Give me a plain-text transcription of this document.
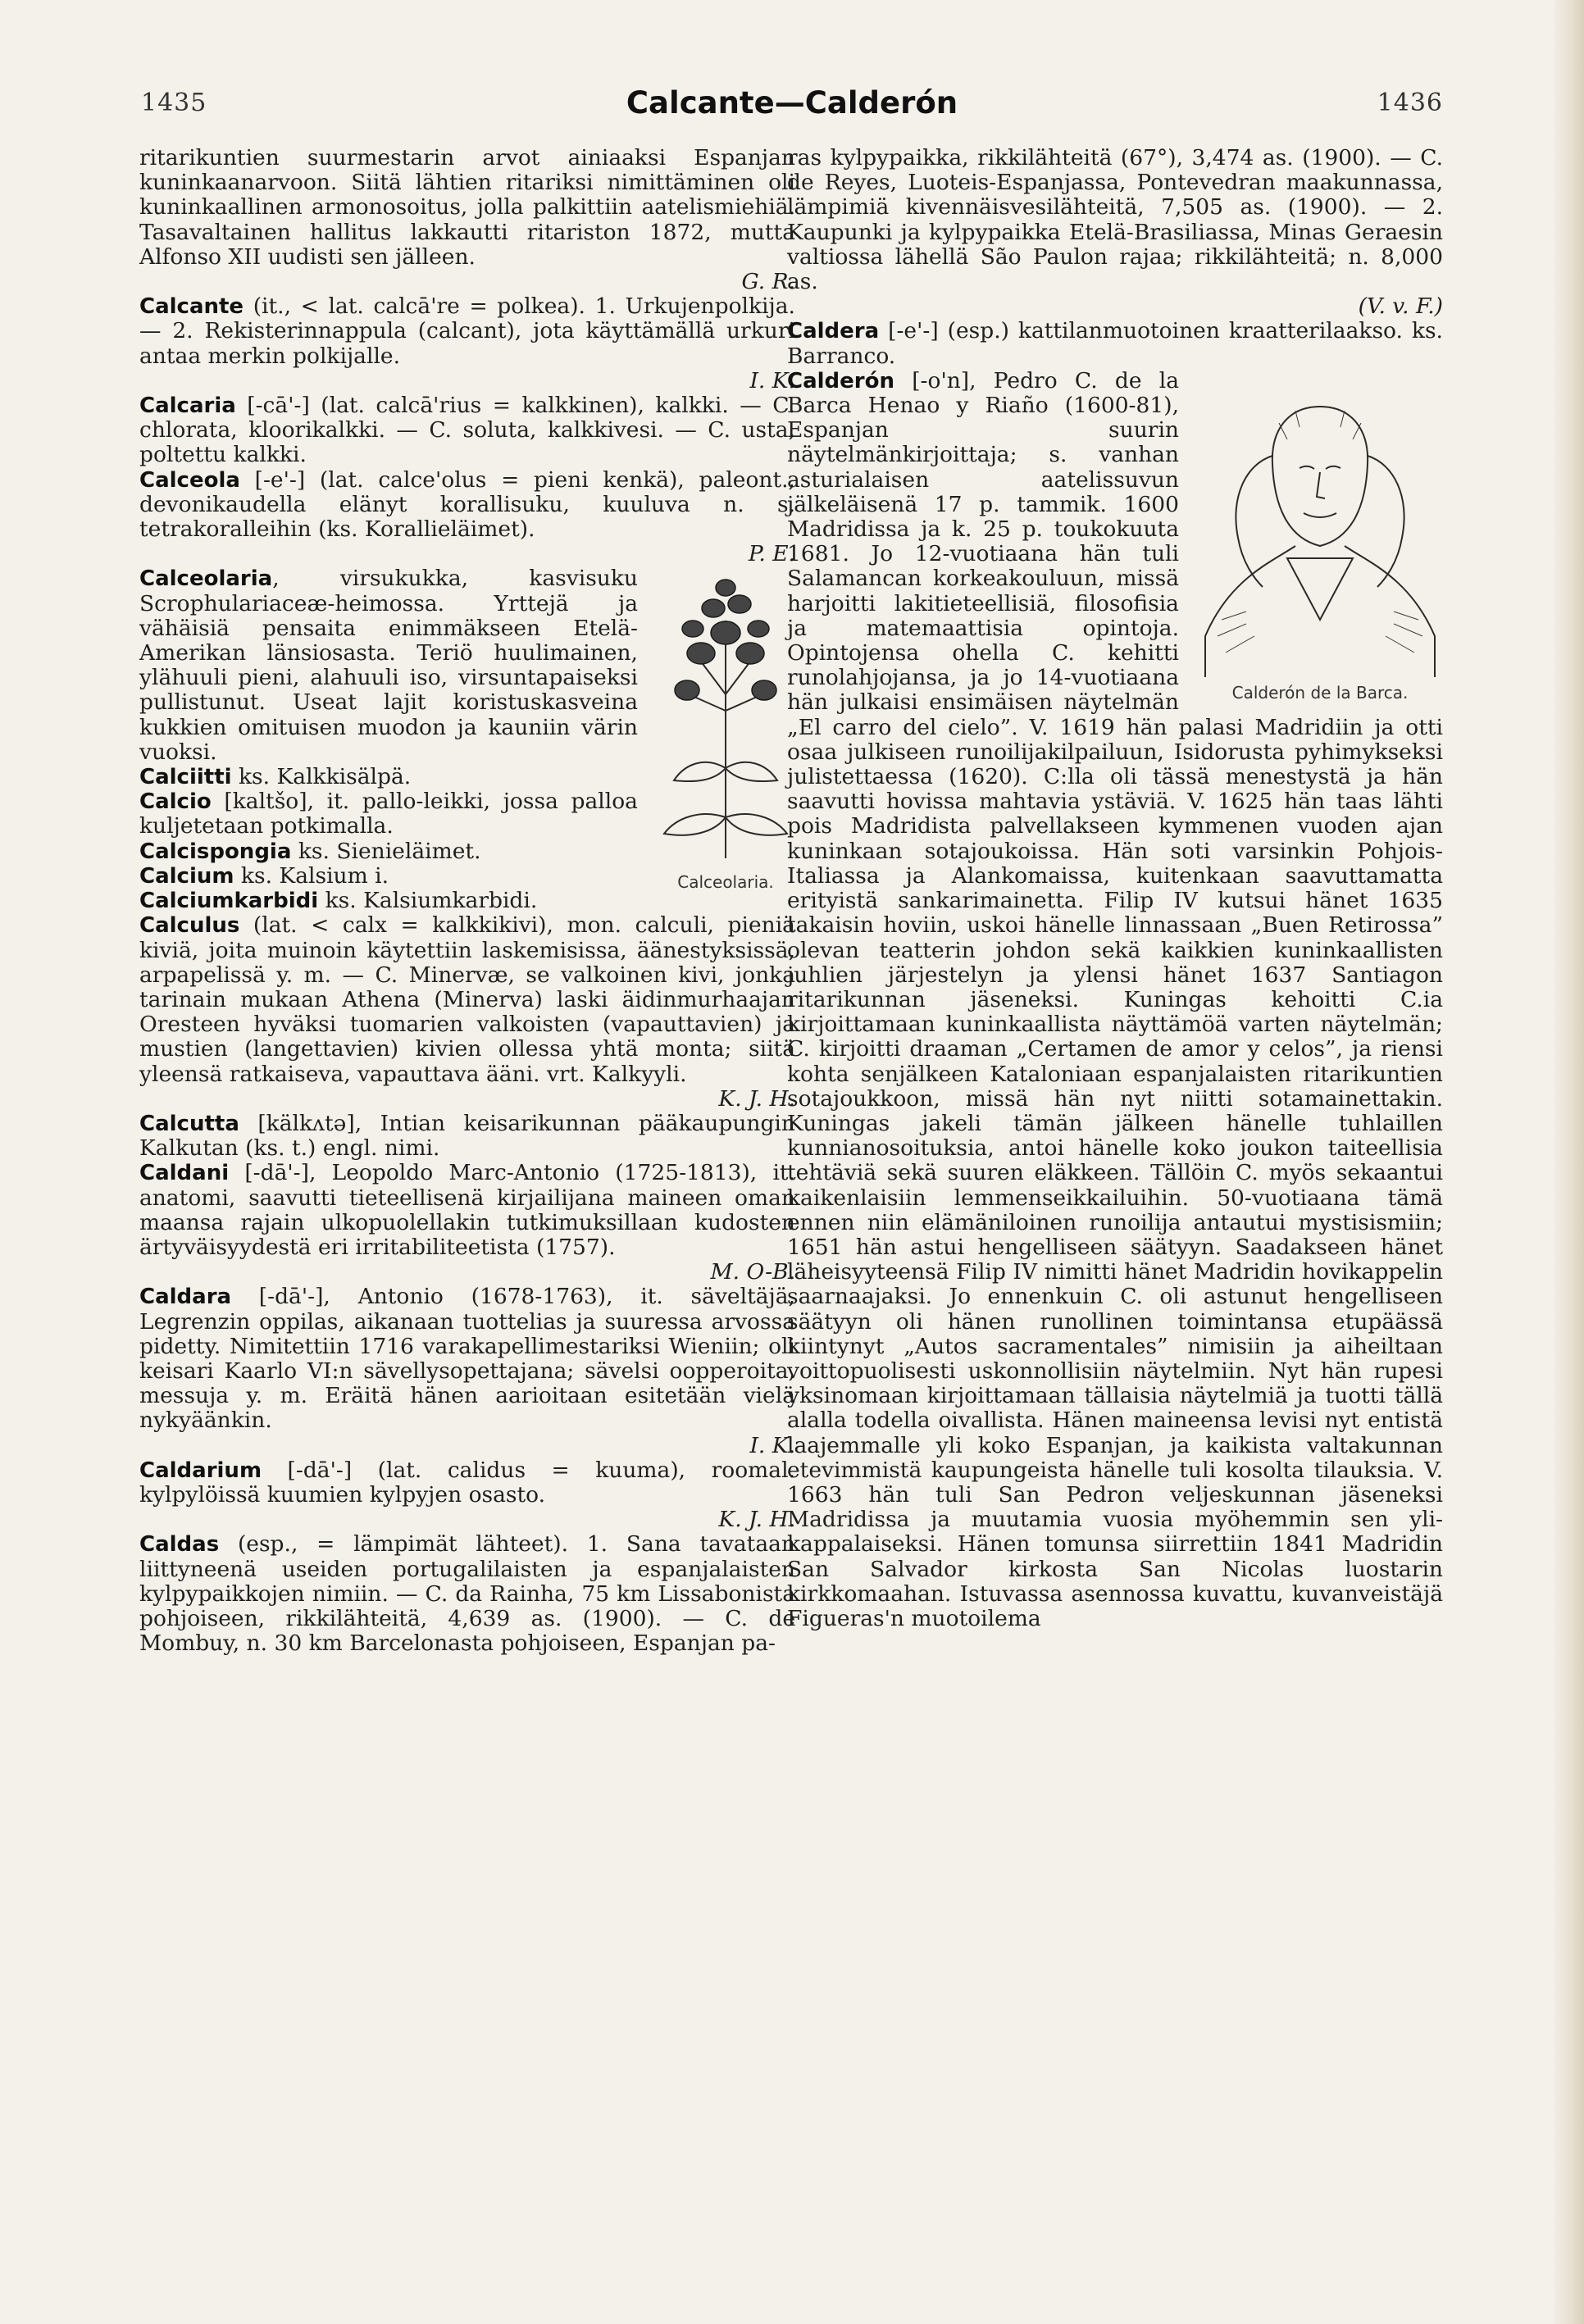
1435	Calcante—Calderón	1436

ritarikuntien suurmestarin arvot ainiaaksi Espanjan kuninkaanarvoon. Siitä lähtien ritariksi nimittäminen oli kuninkaallinen armonosoitus, jolla palkittiin aatelismiehiä. Tasavaltainen hallitus lakkautti ritariston 1872, mutta Alfonso XII uudisti sen jälleen.
G. R.

Calcante (it., < lat. calcā're = polkea). 1. Urkujenpolkija. — 2. Rekisterinnappula (calcant), jota käyttämällä urkuri antaa merkin polkijalle.
I. K.

Calcaria [-cā'-] (lat. calcā'rius = kalkkinen), kalkki. — C. chlorata, kloorikalkki. — C. soluta, kalkkivesi. — C. usta, poltettu kalkki.

Calceola [-e'-] (lat. calce'olus = pieni kenkä), paleont., devonikaudella elänyt korallisuku, kuuluva n. s. tetrakoralleihin (ks. Korallieläimet).
P. E.

Calceolaria.

Calceolaria, virsukukka, kasvisuku Scrophulariaceæ-heimossa. Yrttejä ja vähäisiä pensaita enimmäkseen Etelä-Amerikan länsiosasta. Teriö huulimainen, ylähuuli pieni, alahuuli iso, virsuntapaiseksi pullistunut. Useat lajit koristuskasveina kukkien omituisen muodon ja kauniin värin vuoksi.

Calciitti ks. Kalkkisälpä.

Calcio [kaltšo], it. pallo-leikki, jossa palloa kuljetetaan potkimalla.

Calcispongia ks. Sienieläimet.

Calcium ks. Kalsium i.

Calciumkarbidi ks. Kalsiumkarbidi.

Calculus (lat. < calx = kalkkikivi), mon. calculi, pieniä kiviä, joita muinoin käytettiin laskemisissa, äänestyksissä, arpapelissä y. m. — C. Minervæ, se valkoinen kivi, jonka tarinain mukaan Athena (Minerva) laski äidinmurhaajan Oresteen hyväksi tuomarien valkoisten (vapauttavien) ja mustien (langettavien) kivien ollessa yhtä monta; siitä yleensä ratkaiseva, vapauttava ääni. vrt. Kalkyyli.
K. J. H.

Calcutta [kälkʌtə], Intian keisarikunnan pääkaupungin Kalkutan (ks. t.) engl. nimi.

Caldani [-dā'-], Leopoldo Marc-Antonio (1725-1813), it. anatomi, saavutti tieteellisenä kirjailijana maineen oman maansa rajain ulkopuolellakin tutkimuksillaan kudosten ärtyväisyydestä eri irritabiliteetista (1757).
M. O-B.

Caldara [-dā'-], Antonio (1678-1763), it. säveltäjä, Legrenzin oppilas, aikanaan tuottelias ja suuressa arvossa pidetty. Nimitettiin 1716 varakapellimestariksi Wieniin; oli keisari Kaarlo VI:n sävellysopettajana; sävelsi oopperoita, messuja y. m. Eräitä hänen aarioitaan esitetään vielä nykyäänkin.
I. K.

Caldarium [-dā'-] (lat. calidus = kuuma), roomal. kylpylöissä kuumien kylpyjen osasto.
K. J. H.

Caldas (esp., = lämpimät lähteet). 1. Sana tavataan liittyneenä useiden portugalilaisten ja espanjalaisten kylpypaikkojen nimiin. — C. da Rainha, 75 km Lissabonista pohjoiseen, rikkilähteitä, 4,639 as. (1900). — C. de Mombuy, n. 30 km Barcelonasta pohjoiseen, Espanjan pa-

ras kylpypaikka, rikkilähteitä (67°), 3,474 as. (1900). — C. de Reyes, Luoteis-Espanjassa, Pontevedran maakunnassa, lämpimiä kivennäisvesilähteitä, 7,505 as. (1900). — 2. Kaupunki ja kylpypaikka Etelä-Brasiliassa, Minas Geraesin valtiossa lähellä São Paulon rajaa; rikkilähteitä; n. 8,000 as.
(V. v. F.)

Caldera [-e'-] (esp.) kattilanmuotoinen kraatterilaakso. ks. Barranco.

Calderón de la Barca.

Calderón [-o'n], Pedro C. de la Barca Henao y Riaño (1600-81), Espanjan suurin näytelmänkirjoittaja; s. vanhan asturialaisen aatelissuvun jälkeläisenä 17 p. tammik. 1600 Madridissa ja k. 25 p. toukokuuta 1681. Jo 12-vuotiaana hän tuli Salamancan korkeakouluun, missä harjoitti lakitieteellisiä, filosofisia ja matemaattisia opintoja. Opintojensa ohella C. kehitti runolahjojansa, ja jo 14-vuotiaana hän julkaisi ensimäisen näytelmän „El carro del cielo”. V. 1619 hän palasi Madridiin ja otti osaa julkiseen runoilijakilpailuun, Isidorusta pyhimykseksi julistettaessa (1620). C:lla oli tässä menestystä ja hän saavutti hovissa mahtavia ystäviä. V. 1625 hän taas lähti pois Madridista palvellakseen kymmenen vuoden ajan kuninkaan sotajoukoissa. Hän soti varsinkin Pohjois-Italiassa ja Alankomaissa, kuitenkaan saavuttamatta erityistä sankarimainetta. Filip IV kutsui hänet 1635 takaisin hoviin, uskoi hänelle linnassaan „Buen Retirossa” olevan teatterin johdon sekä kaikkien kuninkaallisten juhlien järjestelyn ja ylensi hänet 1637 Santiagon ritarikunnan jäseneksi. Kuningas kehoitti C.ia kirjoittamaan kuninkaallista näyttämöä varten näytelmän; C. kirjoitti draaman „Certamen de amor y celos”, ja riensi kohta senjälkeen Kataloniaan espanjalaisten ritarikuntien sotajoukkoon, missä hän nyt niitti sotamainettakin. Kuningas jakeli tämän jälkeen hänelle tuhlaillen kunnianosoituksia, antoi hänelle koko joukon taiteellisia tehtäviä sekä suuren eläkkeen. Tällöin C. myös sekaantui kaikenlaisiin lemmenseikkailuihin. 50-vuotiaana tämä ennen niin elämäniloinen runoilija antautui mystisismiin; 1651 hän astui hengelliseen säätyyn. Saadakseen hänet läheisyyteensä Filip IV nimitti hänet Madridin hovikappelin saarnaajaksi. Jo ennenkuin C. oli astunut hengelliseen säätyyn oli hänen runollinen toimintansa etupäässä kiintynyt „Autos sacramentales” nimisiin ja aiheiltaan voittopuolisesti uskonnollisiin näytelmiin. Nyt hän rupesi yksinomaan kirjoittamaan tällaisia näytelmiä ja tuotti tällä alalla todella oivallista. Hänen maineensa levisi nyt entistä laajemmalle yli koko Espanjan, ja kaikista valtakunnan etevimmistä kaupungeista hänelle tuli kosolta tilauksia. V. 1663 hän tuli San Pedron veljeskunnan jäseneksi Madridissa ja muutamia vuosia myöhemmin sen yli-kappalaiseksi. Hänen tomunsa siirrettiin 1841 Madridin San Salvador kirkosta San Nicolas luostarin kirkkomaahan. Istuvassa asennossa kuvattu, kuvanveistäjä Figueras'n muotoilema
